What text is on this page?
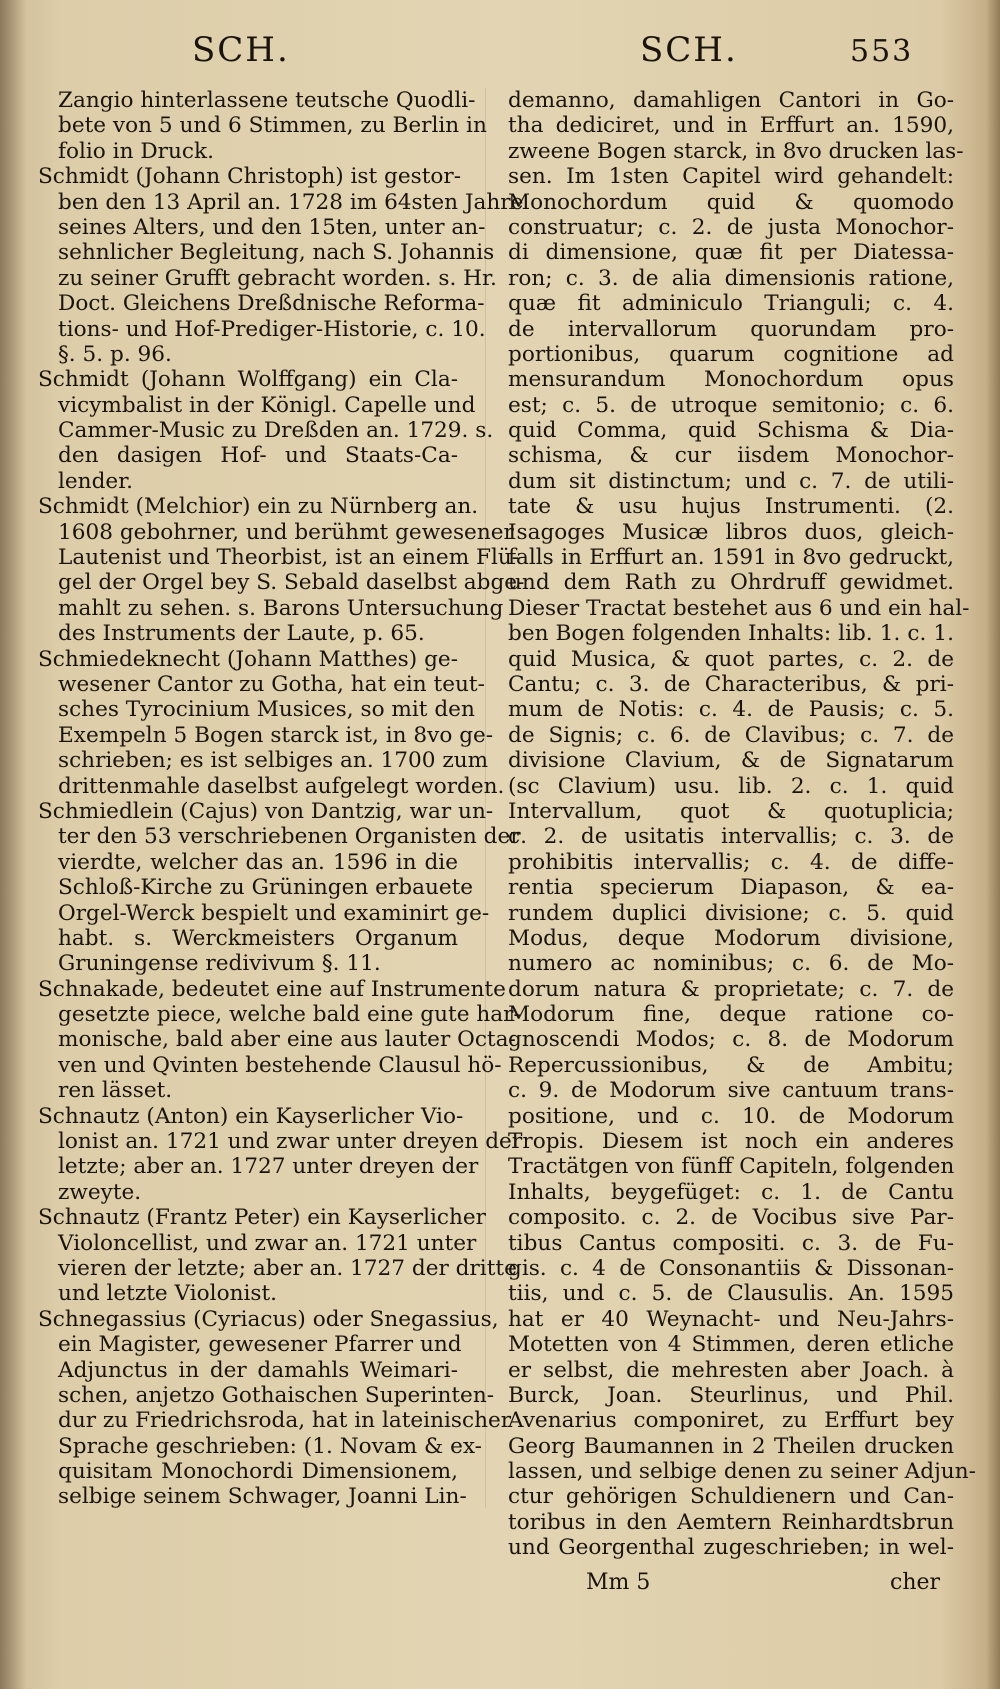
SCH.	SCH.	553
Zangio hinterlassene teutsche Quodli-
bete von 5 und 6 Stimmen, zu Berlin in
folio in Druck.
Schmidt (Johann Christoph) ist gestor-
ben den 13 April an. 1728 im 64sten Jahre
seines Alters, und den 15ten, unter an-
sehnlicher Begleitung, nach S. Johannis
zu seiner Grufft gebracht worden. s. Hr.
Doct. Gleichens Dreßdnische Reforma-
tions- und Hof-Prediger-Historie, c. 10.
§. 5. p. 96.
Schmidt (Johann Wolffgang) ein Cla-
vicymbalist in der Königl. Capelle und
Cammer-Music zu Dreßden an. 1729. s.
den dasigen Hof- und Staats-Ca-
lender.
Schmidt (Melchior) ein zu Nürnberg an.
1608 gebohrner, und berühmt gewesener
Lautenist und Theorbist, ist an einem Flü-
gel der Orgel bey S. Sebald daselbst abge-
mahlt zu sehen. s. Barons Untersuchung
des Instruments der Laute, p. 65.
Schmiedeknecht (Johann Matthes) ge-
wesener Cantor zu Gotha, hat ein teut-
sches Tyrocinium Musices, so mit den
Exempeln 5 Bogen starck ist, in 8vo ge-
schrieben; es ist selbiges an. 1700 zum
drittenmahle daselbst aufgelegt worden.
Schmiedlein (Cajus) von Dantzig, war un-
ter den 53 verschriebenen Organisten der
vierdte, welcher das an. 1596 in die
Schloß-Kirche zu Grüningen erbauete
Orgel-Werck bespielt und examinirt ge-
habt. s. Werckmeisters Organum
Gruningense redivivum §. 11.
Schnakade, bedeutet eine auf Instrumente
gesetzte piece, welche bald eine gute har-
monische, bald aber eine aus lauter Octa-
ven und Qvinten bestehende Clausul hö-
ren lässet.
Schnautz (Anton) ein Kayserlicher Vio-
lonist an. 1721 und zwar unter dreyen der
letzte; aber an. 1727 unter dreyen der
zweyte.
Schnautz (Frantz Peter) ein Kayserlicher
Violoncellist, und zwar an. 1721 unter
vieren der letzte; aber an. 1727 der dritte
und letzte Violonist.
Schnegassius (Cyriacus) oder Snegassius,
ein Magister, gewesener Pfarrer und
Adjunctus in der damahls Weimari-
schen, anjetzo Gothaischen Superinten-
dur zu Friedrichsroda, hat in lateinischer
Sprache geschrieben: (1. Novam & ex-
quisitam Monochordi Dimensionem,
selbige seinem Schwager, Joanni Lin-
demanno, damahligen Cantori in Go-
tha dediciret, und in Erffurt an. 1590,
zweene Bogen starck, in 8vo drucken las-
sen. Im 1sten Capitel wird gehandelt:
Monochordum quid & quomodo
construatur; c. 2. de justa Monochor-
di dimensione, quæ fit per Diatessa-
ron; c. 3. de alia dimensionis ratione,
quæ fit adminiculo Trianguli; c. 4.
de intervallorum quorundam pro-
portionibus, quarum cognitione ad
mensurandum Monochordum opus
est; c. 5. de utroque semitonio; c. 6.
quid Comma, quid Schisma & Dia-
schisma, & cur iisdem Monochor-
dum sit distinctum; und c. 7. de utili-
tate & usu hujus Instrumenti. (2.
Isagoges Musicæ libros duos, gleich-
falls in Erffurt an. 1591 in 8vo gedruckt,
und dem Rath zu Ohrdruff gewidmet.
Dieser Tractat bestehet aus 6 und ein hal-
ben Bogen folgenden Inhalts: lib. 1. c. 1.
quid Musica, & quot partes, c. 2. de
Cantu; c. 3. de Characteribus, & pri-
mum de Notis: c. 4. de Pausis; c. 5.
de Signis; c. 6. de Clavibus; c. 7. de
divisione Clavium, & de Signatarum
(sc Clavium) usu. lib. 2. c. 1. quid
Intervallum, quot & quotuplicia;
c. 2. de usitatis intervallis; c. 3. de
prohibitis intervallis; c. 4. de diffe-
rentia specierum Diapason, & ea-
rundem duplici divisione; c. 5. quid
Modus, deque Modorum divisione,
numero ac nominibus; c. 6. de Mo-
dorum natura & proprietate; c. 7. de
Modorum fine, deque ratione co-
gnoscendi Modos; c. 8. de Modorum
Repercussionibus, & de Ambitu;
c. 9. de Modorum sive cantuum trans-
positione, und c. 10. de Modorum
Tropis. Diesem ist noch ein anderes
Tractätgen von fünff Capiteln, folgenden
Inhalts, beygefüget: c. 1. de Cantu
composito. c. 2. de Vocibus sive Par-
tibus Cantus compositi. c. 3. de Fu-
gis. c. 4 de Consonantiis & Dissonan-
tiis, und c. 5. de Clausulis. An. 1595
hat er 40 Weynacht- und Neu-Jahrs-
Motetten von 4 Stimmen, deren etliche
er selbst, die mehresten aber Joach. à
Burck, Joan. Steurlinus, und Phil.
Avenarius componiret, zu Erffurt bey
Georg Baumannen in 2 Theilen drucken
lassen, und selbige denen zu seiner Adjun-
ctur gehörigen Schuldienern und Can-
toribus in den Aemtern Reinhardtsbrun
und Georgenthal zugeschrieben; in wel-
Mm 5	cher
